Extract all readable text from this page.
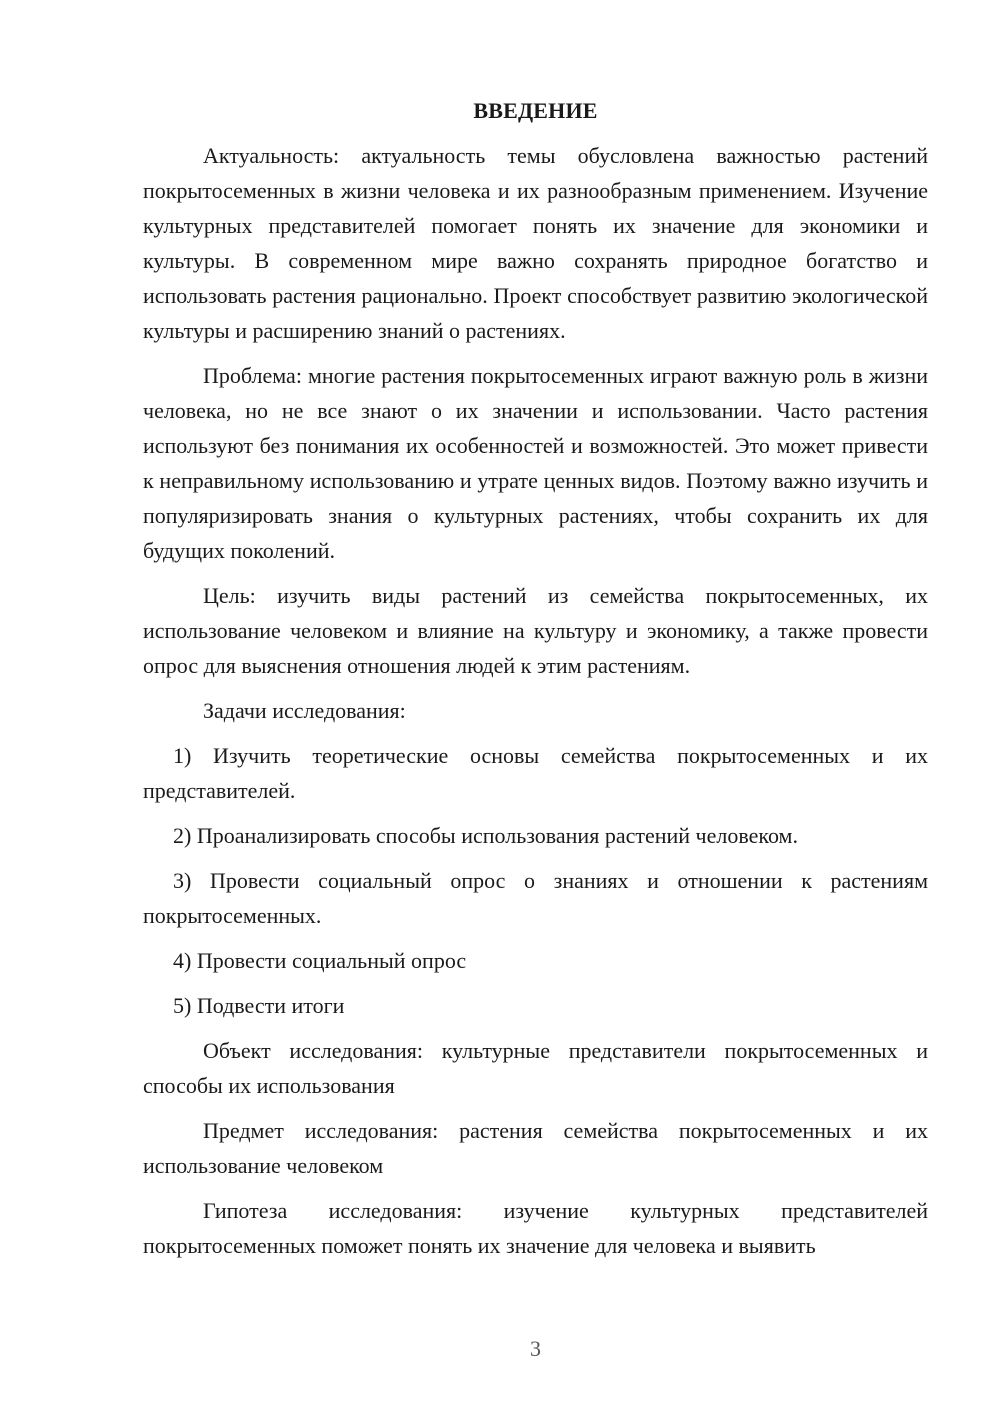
ВВЕДЕНИЕ

Актуальность: актуальность темы обусловлена важностью растений покрытосеменных в жизни человека и их разнообразным применением. Изучение культурных представителей помогает понять их значение для экономики и культуры. В современном мире важно сохранять природное богатство и использовать растения рационально. Проект способствует развитию экологической культуры и расширению знаний о растениях.

Проблема: многие растения покрытосеменных играют важную роль в жизни человека, но не все знают о их значении и использовании. Часто растения используют без понимания их особенностей и возможностей. Это может привести к неправильному использованию и утрате ценных видов. Поэтому важно изучить и популяризировать знания о культурных растениях, чтобы сохранить их для будущих поколений.

Цель: изучить виды растений из семейства покрытосеменных, их использование человеком и влияние на культуру и экономику, а также провести опрос для выяснения отношения людей к этим растениям.

Задачи исследования:

1) Изучить теоретические основы семейства покрытосеменных и их представителей.

2) Проанализировать способы использования растений человеком.

3) Провести социальный опрос о знаниях и отношении к растениям покрытосеменных.

4) Провести социальный опрос

5) Подвести итоги

Объект исследования: культурные представители покрытосеменных и способы их использования

Предмет исследования: растения семейства покрытосеменных и их использование человеком

Гипотеза исследования: изучение культурных представителей покрытосеменных поможет понять их значение для человека и выявить

3
